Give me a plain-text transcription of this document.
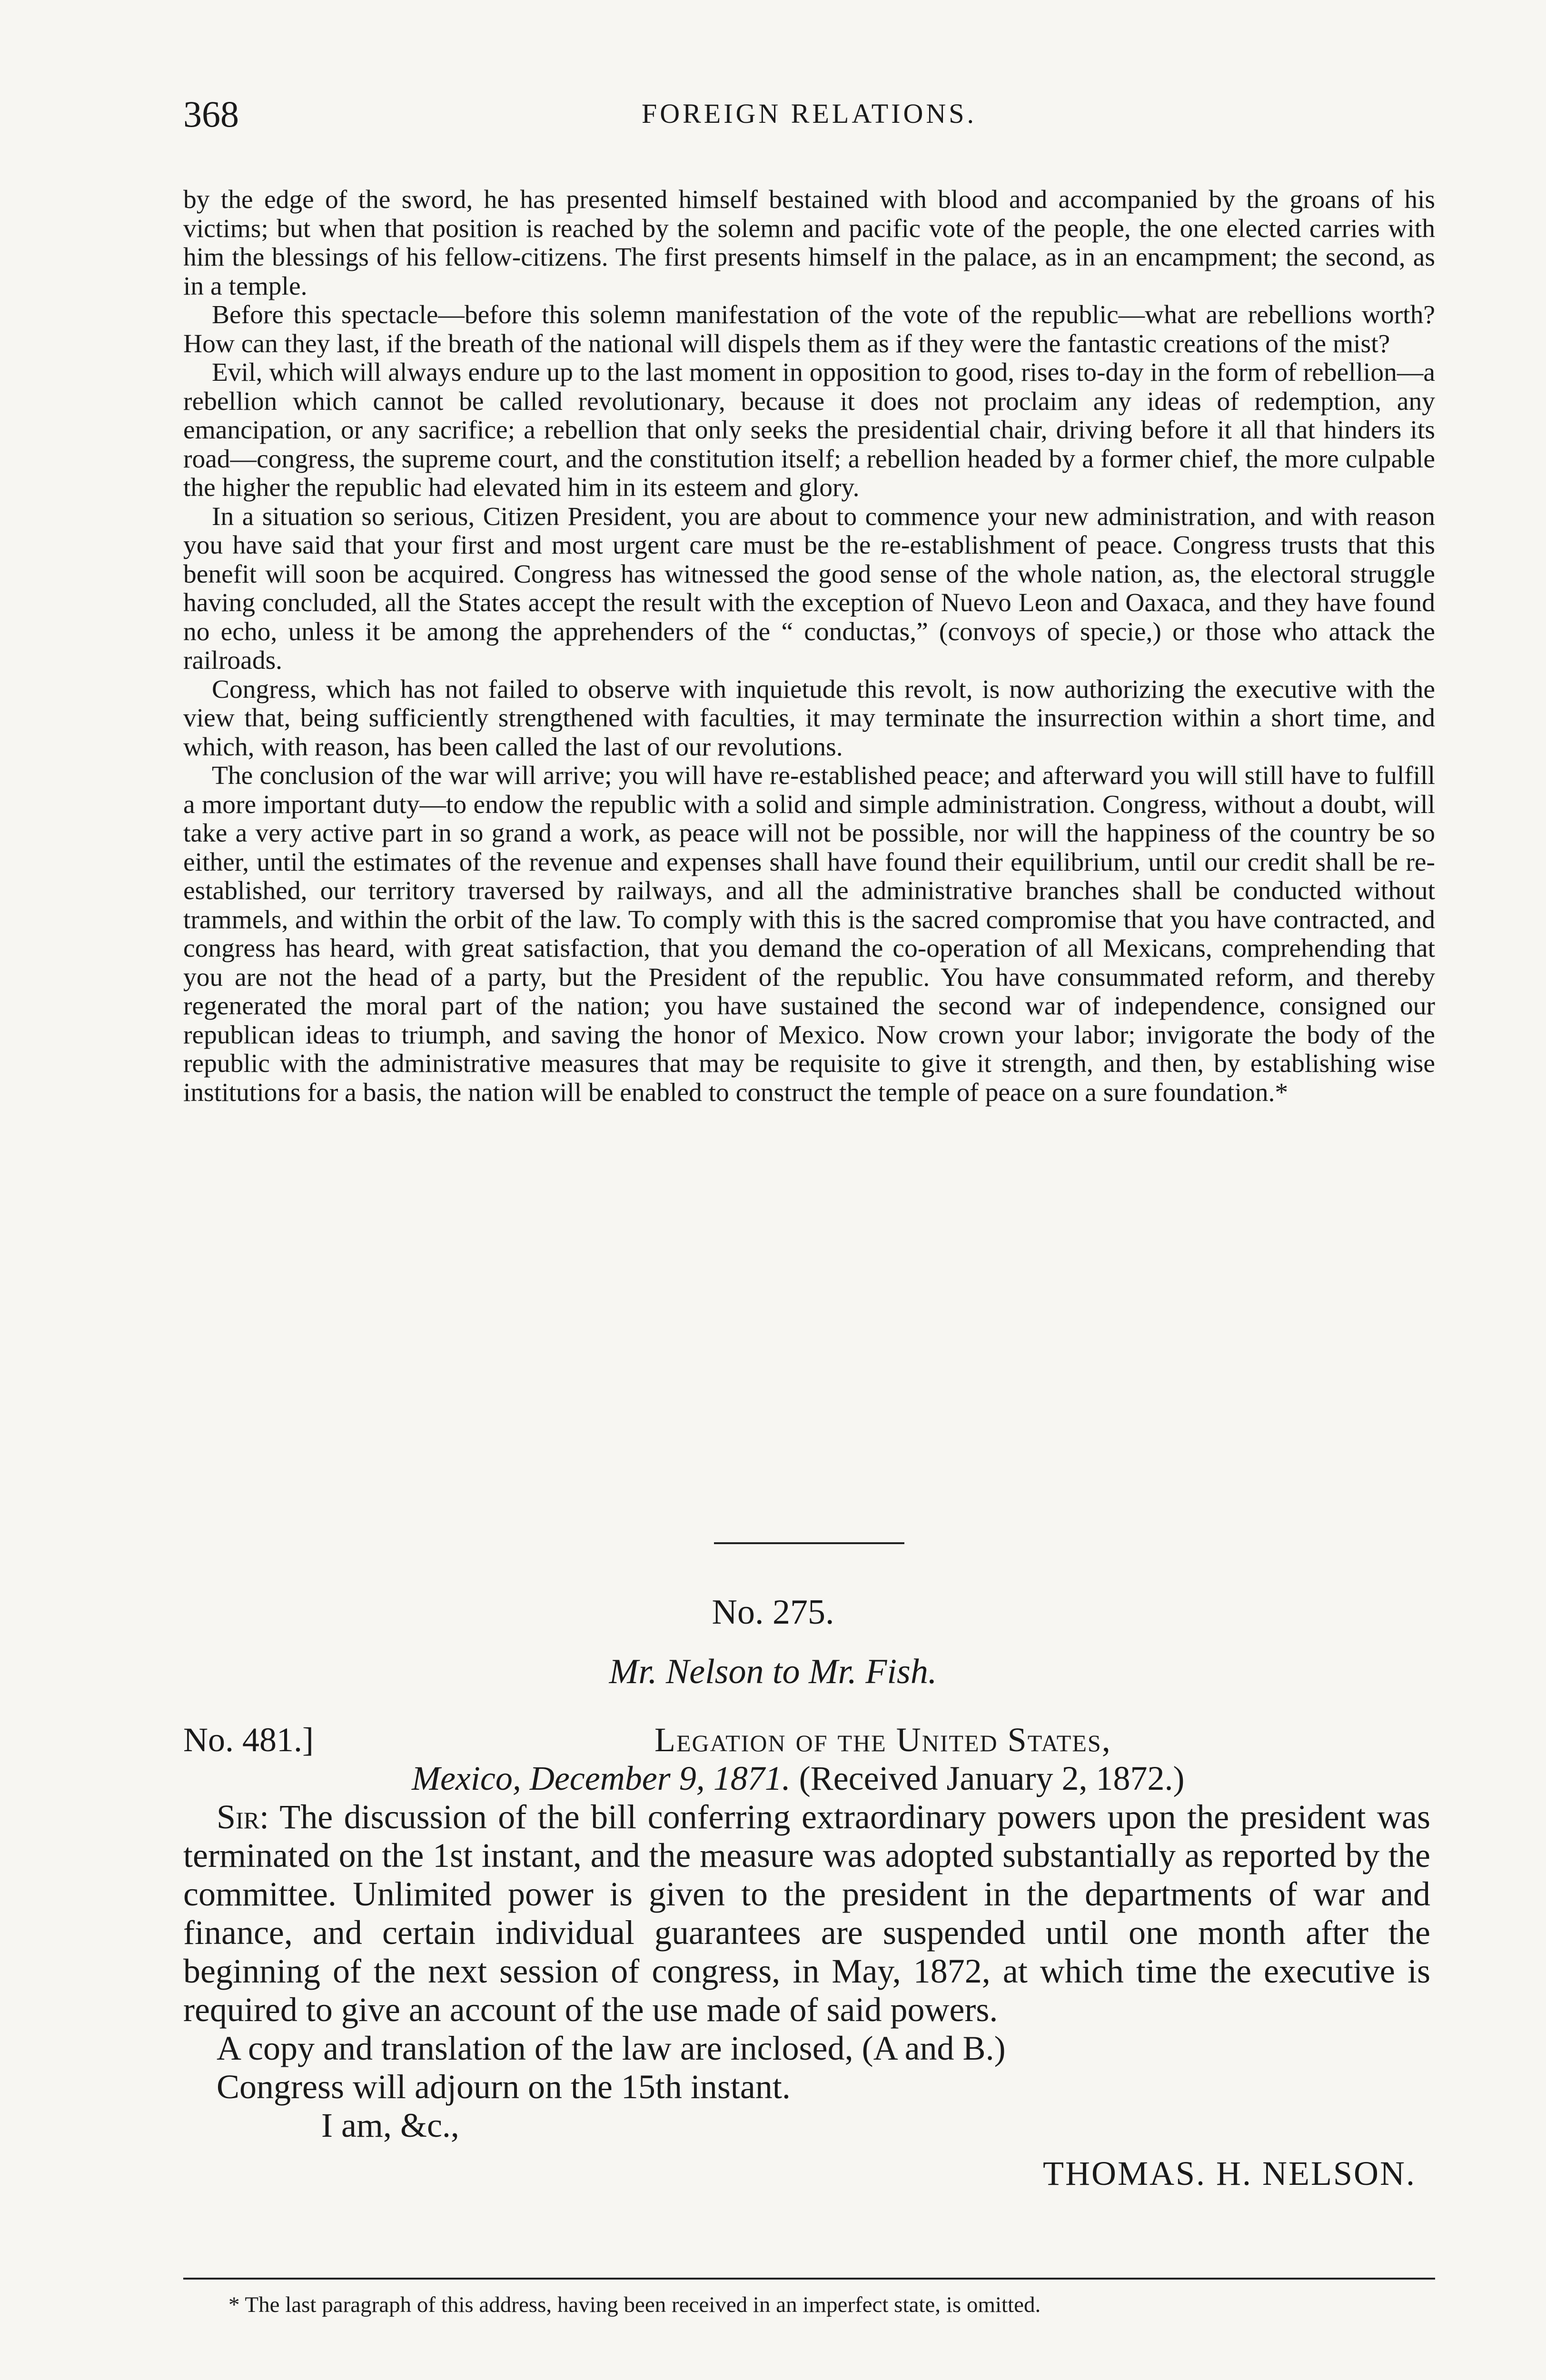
368	FOREIGN RELATIONS.

by the edge of the sword, he has presented himself bestained with blood and accompanied by the groans of his victims; but when that position is reached by the solemn and pacific vote of the people, the one elected carries with him the blessings of his fellow-citizens. The first presents himself in the palace, as in an encampment; the second, as in a temple.

Before this spectacle—before this solemn manifestation of the vote of the republic—what are rebellions worth? How can they last, if the breath of the national will dispels them as if they were the fantastic creations of the mist?

Evil, which will always endure up to the last moment in opposition to good, rises to-day in the form of rebellion—a rebellion which cannot be called revolutionary, because it does not proclaim any ideas of redemption, any emancipation, or any sacrifice; a rebellion that only seeks the presidential chair, driving before it all that hinders its road—congress, the supreme court, and the constitution itself; a rebellion headed by a former chief, the more culpable the higher the republic had elevated him in its esteem and glory.

In a situation so serious, Citizen President, you are about to commence your new administration, and with reason you have said that your first and most urgent care must be the re-establishment of peace. Congress trusts that this benefit will soon be acquired. Congress has witnessed the good sense of the whole nation, as, the electoral struggle having concluded, all the States accept the result with the exception of Nuevo Leon and Oaxaca, and they have found no echo, unless it be among the apprehenders of the “ conductas,” (convoys of specie,) or those who attack the railroads.

Congress, which has not failed to observe with inquietude this revolt, is now authorizing the executive with the view that, being sufficiently strengthened with faculties, it may terminate the insurrection within a short time, and which, with reason, has been called the last of our revolutions.

The conclusion of the war will arrive; you will have re-established peace; and afterward you will still have to fulfill a more important duty—to endow the republic with a solid and simple administration. Congress, without a doubt, will take a very active part in so grand a work, as peace will not be possible, nor will the happiness of the country be so either, until the estimates of the revenue and expenses shall have found their equilibrium, until our credit shall be re-established, our territory traversed by railways, and all the administrative branches shall be conducted without trammels, and within the orbit of the law. To comply with this is the sacred compromise that you have contracted, and congress has heard, with great satisfaction, that you demand the co-operation of all Mexicans, comprehending that you are not the head of a party, but the President of the republic. You have consummated reform, and thereby regenerated the moral part of the nation; you have sustained the second war of independence, consigned our republican ideas to triumph, and saving the honor of Mexico. Now crown your labor; invigorate the body of the republic with the administrative measures that may be requisite to give it strength, and then, by establishing wise institutions for a basis, the nation will be enabled to construct the temple of peace on a sure foundation.*

No. 275.
Mr. Nelson to Mr. Fish.
No. 481.]	Legation of the United States,
Mexico, December 9, 1871. (Received January 2, 1872.)

Sir: The discussion of the bill conferring extraordinary powers upon the president was terminated on the 1st instant, and the measure was adopted substantially as reported by the committee. Unlimited power is given to the president in the departments of war and finance, and certain individual guarantees are suspended until one month after the beginning of the next session of congress, in May, 1872, at which time the executive is required to give an account of the use made of said powers.

A copy and translation of the law are inclosed, (A and B.)

Congress will adjourn on the 15th instant.

I am, &c.,

THOMAS. H. NELSON.
* The last paragraph of this address, having been received in an imperfect state, is omitted.
